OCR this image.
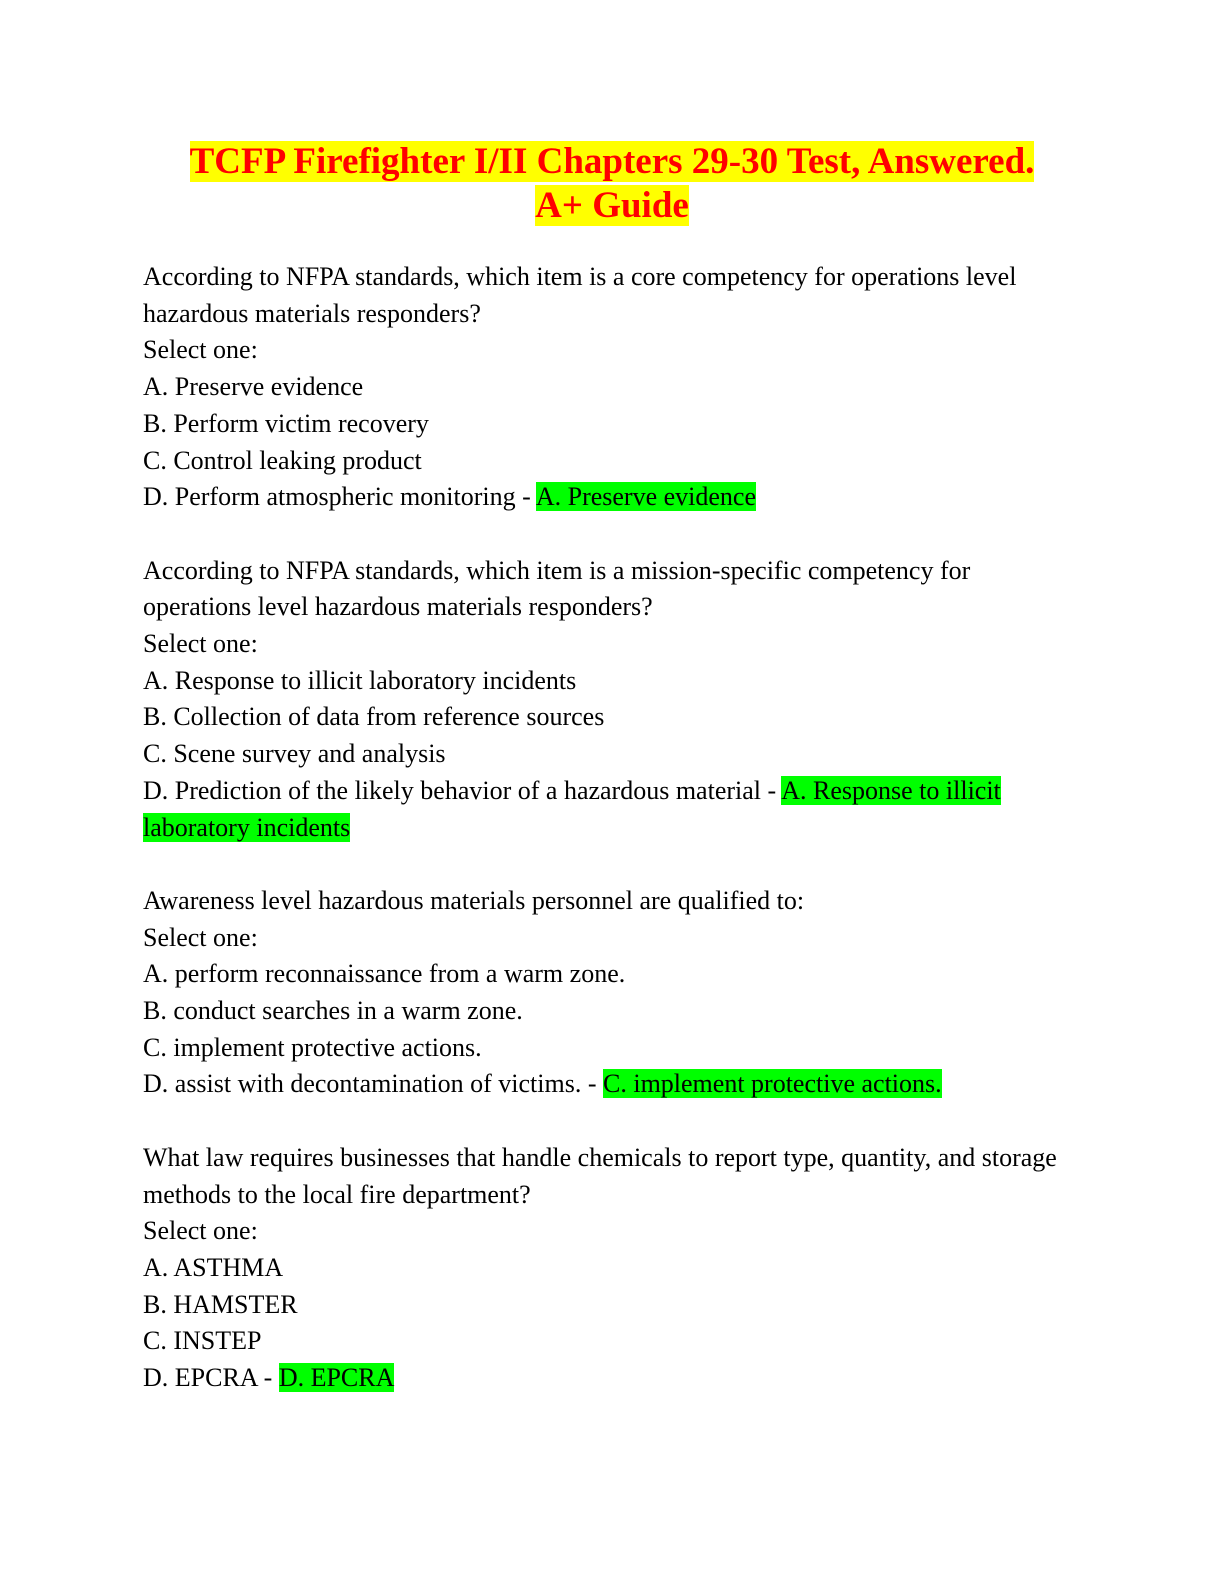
TCFP Firefighter I/II Chapters 29-30 Test, Answered.
A+ Guide
According to NFPA standards, which item is a core competency for operations level hazardous materials responders?
Select one:
A. Preserve evidence
B. Perform victim recovery
C. Control leaking product
D. Perform atmospheric monitoring - A. Preserve evidence
According to NFPA standards, which item is a mission-specific competency for operations level hazardous materials responders?
Select one:
A. Response to illicit laboratory incidents
B. Collection of data from reference sources
C. Scene survey and analysis
D. Prediction of the likely behavior of a hazardous material - A. Response to illicit laboratory incidents
Awareness level hazardous materials personnel are qualified to:
Select one:
A. perform reconnaissance from a warm zone.
B. conduct searches in a warm zone.
C. implement protective actions.
D. assist with decontamination of victims. - C. implement protective actions.
What law requires businesses that handle chemicals to report type, quantity, and storage methods to the local fire department?
Select one:
A. ASTHMA
B. HAMSTER
C. INSTEP
D. EPCRA - D. EPCRA
